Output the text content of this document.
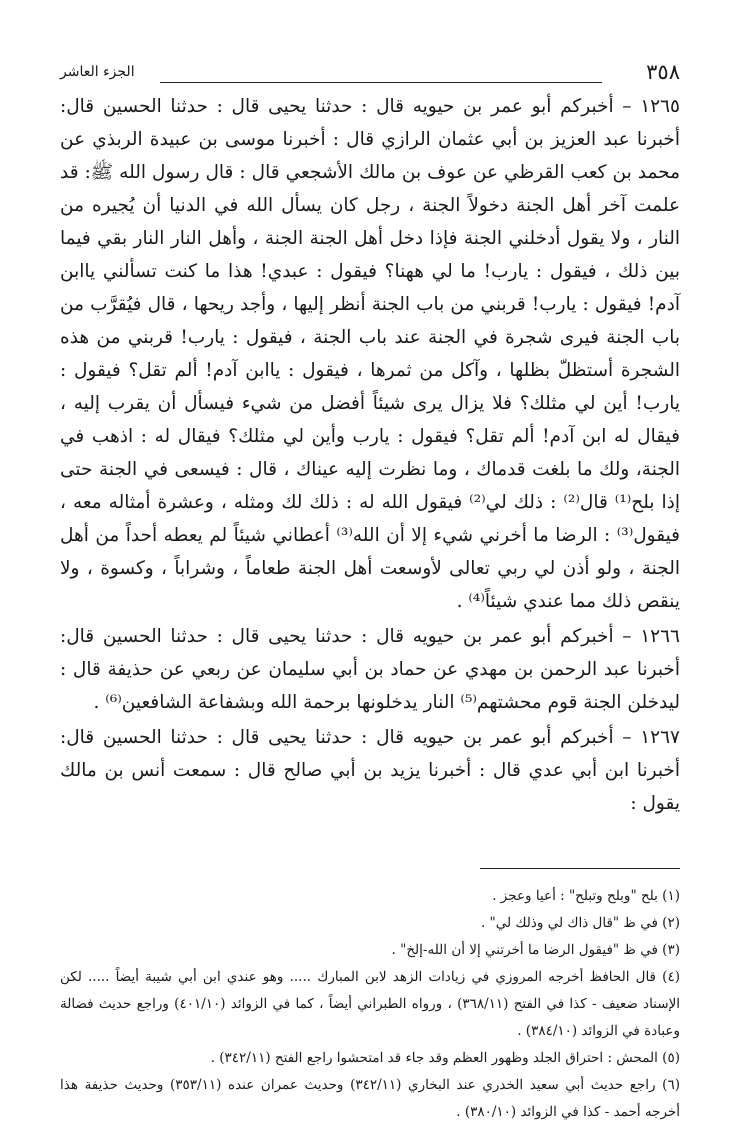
٣٥٨
الجزء العاشر

١٢٦٥ – أخبركم أبو عمر بن حيويه قال : حدثنا يحيى قال : حدثنا الحسين قال: أخبرنا عبد العزيز بن أبي عثمان الرازي قال : أخبرنا موسى بن عبيدة الربذي عن محمد بن كعب القرظي عن عوف بن مالك الأشجعي قال : قال رسول الله ﷺ: قد علمت آخر أهل الجنة دخولاً الجنة ، رجل كان يسأل الله في الدنيا أن يُجيره من النار ، ولا يقول أدخلني الجنة فإذا دخل أهل الجنة الجنة ، وأهل النار النار بقي فيما بين ذلك ، فيقول : يارب! ما لي ههنا؟ فيقول : عبدي! هذا ما كنت تسألني ياابن آدم! فيقول : يارب! قربني من باب الجنة أنظر إليها ، وأجد ريحها ، قال فيُقرَّب من باب الجنة فيرى شجرة في الجنة عند باب الجنة ، فيقول : يارب! قربني من هذه الشجرة أستظلّ بظلها ، وآكل من ثمرها ، فيقول : ياابن آدم! ألم تقل؟ فيقول : يارب! أين لي مثلك؟ فلا يزال يرى شيئاً أفضل من شيء فيسأل أن يقرب إليه ، فيقال له ابن آدم! ألم تقل؟ فيقول : يارب وأين لي مثلك؟ فيقال له : اذهب في الجنة، ولك ما بلغت قدماك ، وما نظرت إليه عيناك ، قال : فيسعى في الجنة حتى إذا بلح⁽¹⁾ قال⁽²⁾ : ذلك لي⁽²⁾ فيقول الله له : ذلك لك ومثله ، وعشرة أمثاله معه ، فيقول⁽³⁾ : الرضا ما أخرني شيء إلا أن الله⁽³⁾ أعطاني شيئاً لم يعطه أحداً من أهل الجنة ، ولو أذن لي ربي تعالى لأوسعت أهل الجنة طعاماً ، وشراباً ، وكسوة ، ولا ينقص ذلك مما عندي شيئاً⁽⁴⁾ .

١٢٦٦ – أخبركم أبو عمر بن حيويه قال : حدثنا يحيى قال : حدثنا الحسين قال: أخبرنا عبد الرحمن بن مهدي عن حماد بن أبي سليمان عن ربعي عن حذيفة قال : ليدخلن الجنة قوم محشتهم⁽⁵⁾ النار يدخلونها برحمة الله وبشفاعة الشافعين⁽⁶⁾ .

١٢٦٧ – أخبركم أبو عمر بن حيويه قال : حدثنا يحيى قال : حدثنا الحسين قال: أخبرنا ابن أبي عدي قال : أخبرنا يزيد بن أبي صالح قال : سمعت أنس بن مالك يقول :

(١) بلح "وبلح وتبلح" : أعيا وعجز .

(٢) في ظ "قال ذاك لي وذلك لي" .

(٣) في ظ "فيقول الرضا ما أخرتني إلا أن الله-إلخ" .

(٤) قال الحافظ أخرجه المروزي في زيادات الزهد لابن المبارك ..... وهو عندي ابن أبي شيبة أيضاً ..... لكن الإسناد ضعيف - كذا في الفتح (٣٦٨/١١) ، ورواه الطبراني أيضاً ، كما في الزوائد (٤٠١/١٠) وراجع حديث فضالة وعبادة في الزوائد (٣٨٤/١٠) .

(٥) المحش : احتراق الجلد وظهور العظم وقد جاء قد امتحشوا راجع الفتح (٣٤٢/١١) .

(٦) راجع حديث أبي سعيد الخدري عند البخاري (٣٤٢/١١) وحديث عمران عنده (٣٥٣/١١) وحديث حذيفة هذا أخرجه أحمد - كذا في الزوائد (٣٨٠/١٠) .
